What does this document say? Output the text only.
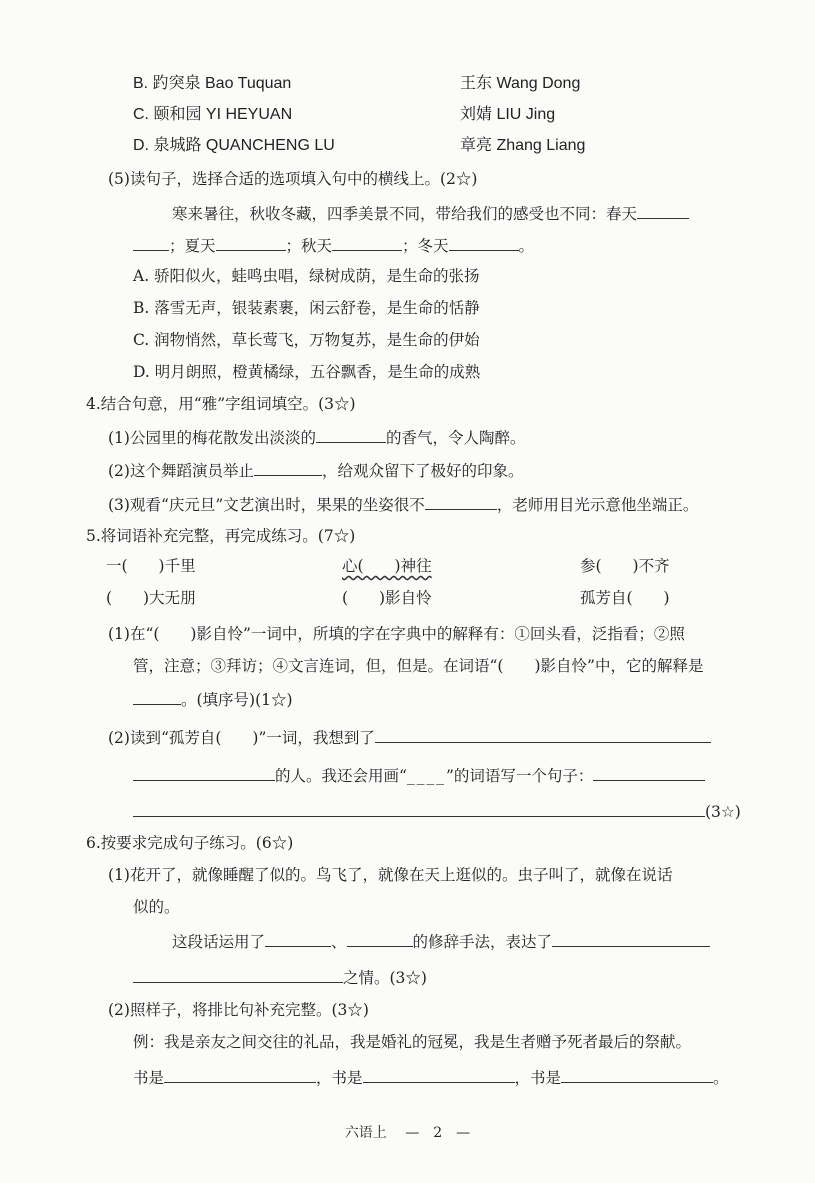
B. 趵突泉 Bao Tuquan	王东 Wang Dong
C. 颐和园 YI HEYUAN	刘婧 LIU Jing
D. 泉城路 QUANCHENG LU	章亮 Zhang Liang
(5)读句子，选择合适的选项填入句中的横线上。(2☆)
寒来暑往，秋收冬藏，四季美景不同，带给我们的感受也不同：春天
；夏天	；秋天	；冬天	。
A. 骄阳似火，蛙鸣虫唱，绿树成荫，是生命的张扬
B. 落雪无声，银装素裹，闲云舒卷，是生命的恬静
C. 润物悄然，草长莺飞，万物复苏，是生命的伊始
D. 明月朗照，橙黄橘绿，五谷飘香，是生命的成熟
4.结合句意，用“雅”字组词填空。(3☆)
(1)公园里的梅花散发出淡淡的	的香气，令人陶醉。
(2)这个舞蹈演员举止	，给观众留下了极好的印象。
(3)观看“庆元旦”文艺演出时，果果的坐姿很不	，老师用目光示意他坐端正。
5.将词语补充完整，再完成练习。(7☆)
一(　　)千里	心(　　)神往	参(　　)不齐
(　　)大无朋	(　　)影自怜	孤芳自(　　)
(1)在“(　　)影自怜”一词中，所填的字在字典中的解释有：①回头看，泛指看；②照
管，注意；③拜访；④文言连词，但，但是。在词语“(　　)影自怜”中，它的解释是
。(填序号)(1☆)
(2)读到“孤芳自(　　)”一词，我想到了
的人。我还会用画“____”的词语写一个句子：
(3☆)
6.按要求完成句子练习。(6☆)
(1)花开了，就像睡醒了似的。鸟飞了，就像在天上逛似的。虫子叫了，就像在说话
似的。
这段话运用了	、	的修辞手法，表达了
之情。(3☆)
(2)照样子，将排比句补充完整。(3☆)
例：我是亲友之间交往的礼品，我是婚礼的冠冕，我是生者赠予死者最后的祭献。
书是	，书是	，书是	。
六语上 —　2　—
